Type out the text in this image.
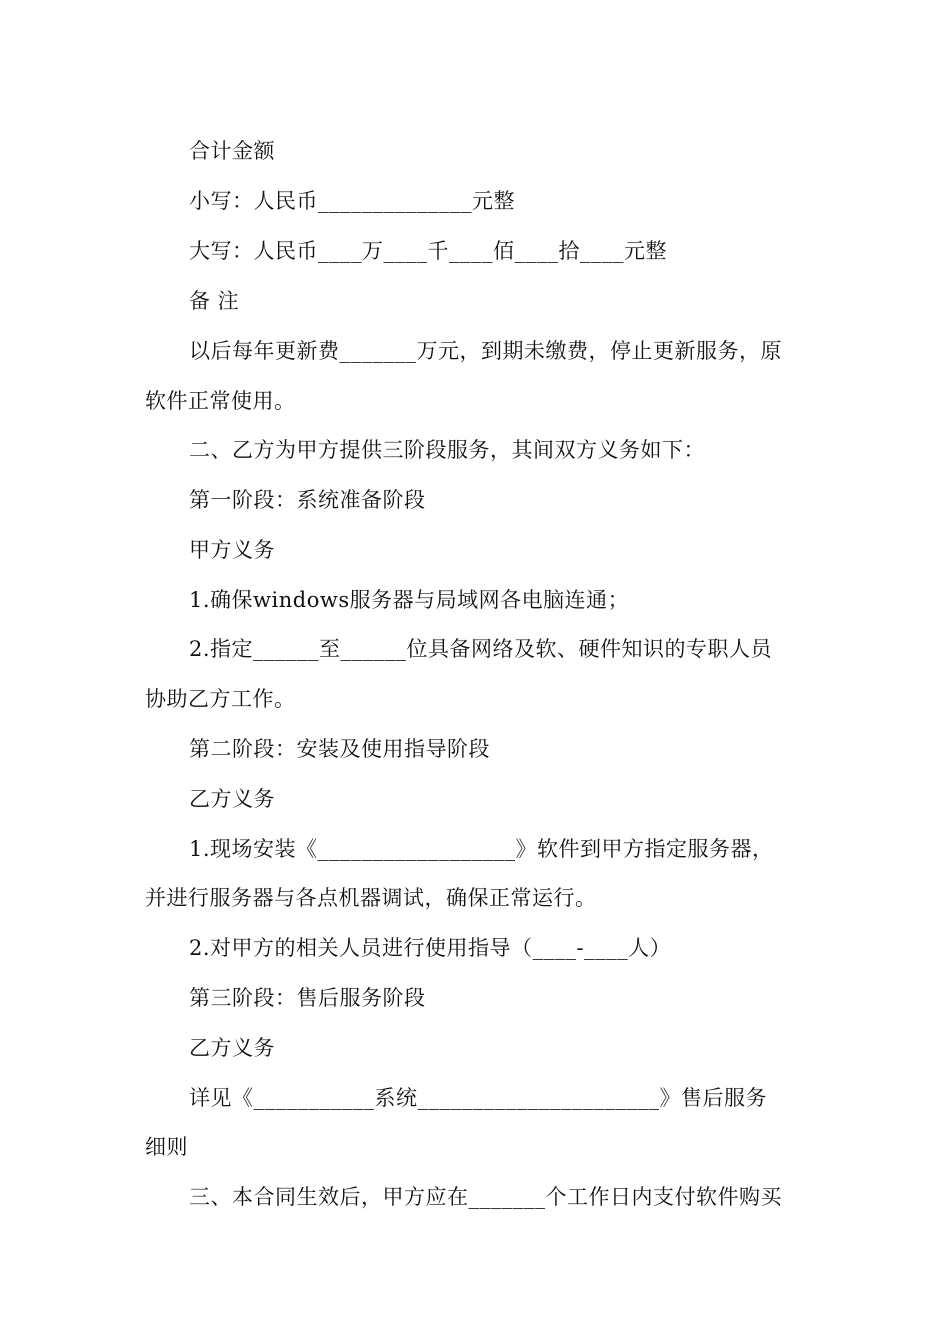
合计金额
小写：人民币______________元整
大写：人民币____万____千____佰____拾____元整
备 注
以后每年更新费_______万元，到期未缴费，停止更新服务，原
软件正常使用。
二、乙方为甲方提供三阶段服务，其间双方义务如下：
第一阶段：系统准备阶段
甲方义务
1.确保windows服务器与局域网各电脑连通；
2.指定______至______位具备网络及软、硬件知识的专职人员
协助乙方工作。
第二阶段：安装及使用指导阶段
乙方义务
1.现场安装《__________________》软件到甲方指定服务器，
并进行服务器与各点机器调试，确保正常运行。
2.对甲方的相关人员进行使用指导（____-____人）
第三阶段：售后服务阶段
乙方义务
详见《___________系统______________________》售后服务
细则
三、本合同生效后，甲方应在_______个工作日内支付软件购买
